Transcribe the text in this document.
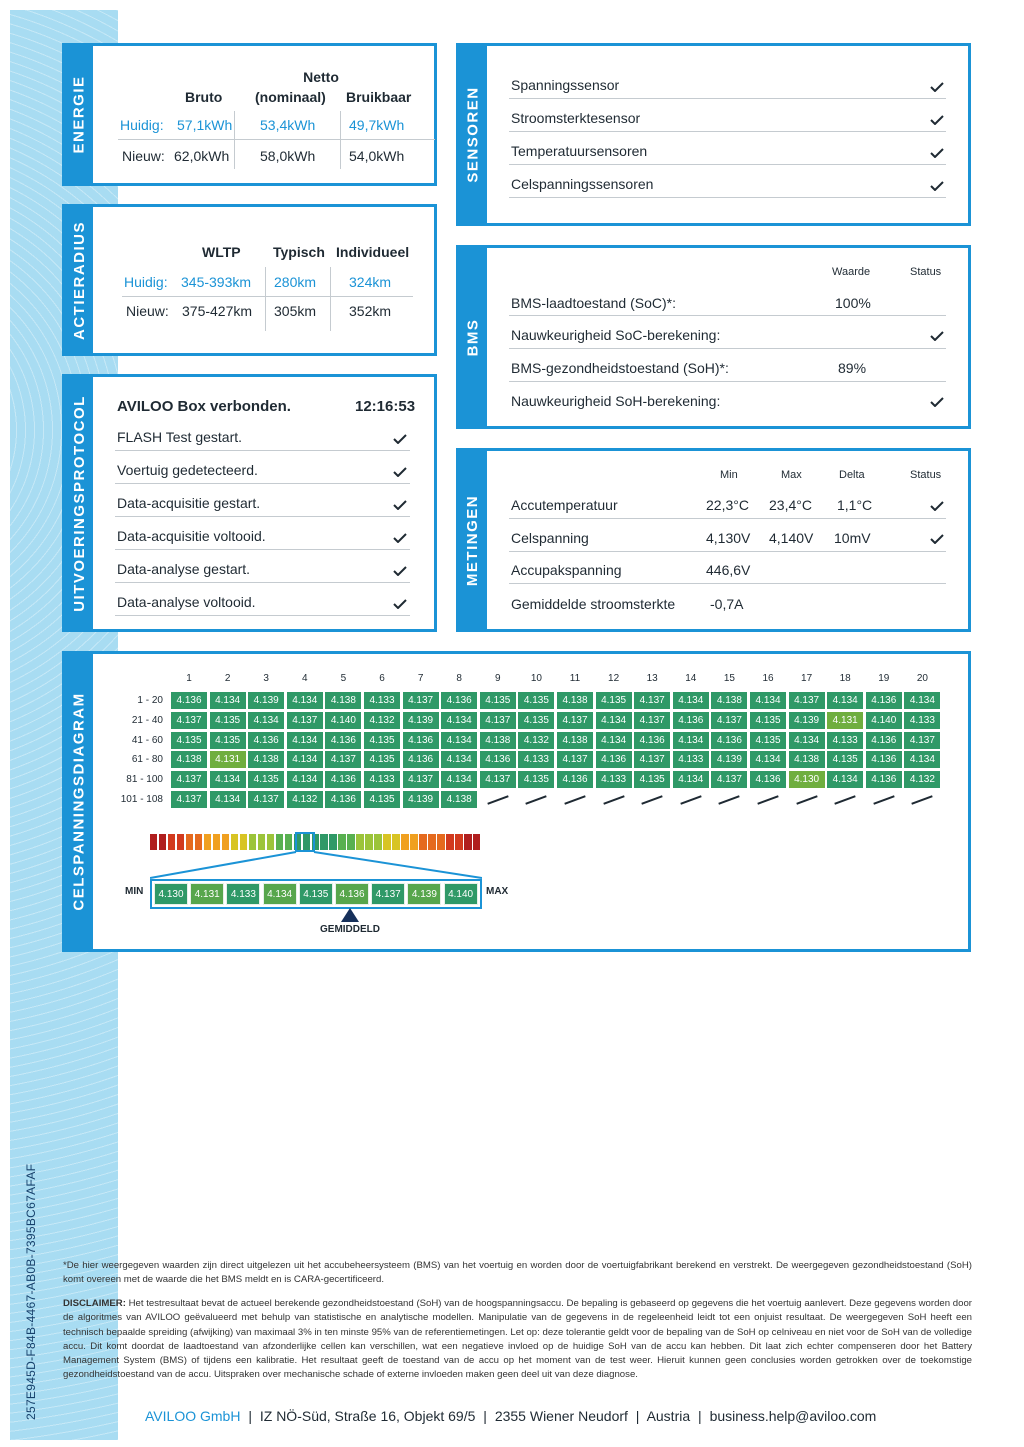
257E945D-F84B-4467-AB0B-7395BC67AFAF
ENERGIE	Bruto
Netto
(nominaal) Bruikbaar
Huidig: 57,1kWh 53,4kWh 49,7kWh
Nieuw: 62,0kWh 58,0kWh 54,0kWh
ACTIERADIUS	WLTP Typisch Individueel
Huidig: 345-393km 280km 324km
Nieuw: 375-427km 305km 352km
UITVOERINGSPROTOCOL AVILOO Box verbonden.	12:16:53
FLASH Test gestart.
Voertuig gedetecteerd.
Data-acquisitie gestart.
Data-acquisitie voltooid.
Data-analyse gestart.
Data-analyse voltooid.
SENSOREN
Spanningssensor
Stroomsterktesensor
Temperatuursensoren
Celspanningssensoren
BMS
Waarde	Status
BMS-laadtoestand (SoC)*:	100%
Nauwkeurigheid SoC-berekening:
BMS-gezondheidstoestand (SoH)*:	89%
Nauwkeurigheid SoH-berekening:
METINGEN
Min	Max	Delta	Status
Accutemperatuur	22,3°C 23,4°C 1,1°C
Celspanning	4,130V 4,140V 10mV
Accupakspanning	446,6V
Gemiddelde stroomsterkte -0,7A
CELSPANNINGSDIAGRAM	MIN	4.130	4.131	4.133	4.134	4.135	4.136	4.137	4.139	4.140	MAX
GEMIDDELD
1	2	3	4	5	6	7	8	9	10	11	12	13	14	15	16	17	18	19	20
1 - 20	4.136	4.134	4.139	4.134	4.138	4.133	4.137	4.136	4.135	4.135	4.138	4.135	4.137	4.134	4.138	4.134	4.137	4.134	4.136	4.134
21 - 40	4.137	4.135	4.134	4.137	4.140	4.132	4.139	4.134	4.137	4.135	4.137	4.134	4.137	4.136	4.137	4.135	4.139	4.131	4.140	4.133
41 - 60	4.135	4.135	4.136	4.134	4.136	4.135	4.136	4.134	4.138	4.132	4.138	4.134	4.136	4.134	4.136	4.135	4.134	4.133	4.136	4.137
61 - 80	4.138	4.131	4.138	4.134	4.137	4.135	4.136	4.134	4.136	4.133	4.137	4.136	4.137	4.133	4.139	4.134	4.138	4.135	4.136	4.134
81 - 100	4.137	4.134	4.135	4.134	4.136	4.133	4.137	4.134	4.137	4.135	4.136	4.133	4.135	4.134	4.137	4.136	4.130	4.134	4.136	4.132
101 - 108	4.137	4.134	4.137	4.132	4.136	4.135	4.139	4.138
*De hier weergegeven waarden zijn direct uitgelezen uit het accubeheersysteem (BMS) van het voertuig en worden door de voertuigfabrikant berekend en verstrekt. De weergegeven gezondheidstoestand (SoH) komt overeen met de waarde die het BMS meldt en is CARA-gecertificeerd.
DISCLAIMER: Het testresultaat bevat de actueel berekende gezondheidstoestand (SoH) van de hoogspanningsaccu. De bepaling is gebaseerd op gegevens die het voertuig aanlevert. Deze gegevens worden door de algoritmes van AVILOO geëvalueerd met behulp van statistische en analytische modellen. Manipulatie van de gegevens in de regeleenheid leidt tot een onjuist resultaat. De weergegeven SoH heeft een technisch bepaalde spreiding (afwijking) van maximaal 3% in ten minste 95% van de referentiemetingen. Let op: deze tolerantie geldt voor de bepaling van de SoH op celniveau en niet voor de SoH van de volledige accu. Dit komt doordat de laadtoestand van afzonderlijke cellen kan verschillen, wat een negatieve invloed op de huidige SoH van de accu kan hebben. Dit laat zich echter compenseren door het Battery Management System (BMS) of tijdens een kalibratie. Het resultaat geeft de toestand van de accu op het moment van de test weer. Hieruit kunnen geen conclusies worden getrokken over de toekomstige gezondheidstoestand van de accu. Uitspraken over mechanische schade of externe invloeden maken geen deel uit van deze diagnose.
AVILOO GmbH | IZ NÖ-Süd, Straße 16, Objekt 69/5 | 2355 Wiener Neudorf | Austria | business.help@aviloo.com
